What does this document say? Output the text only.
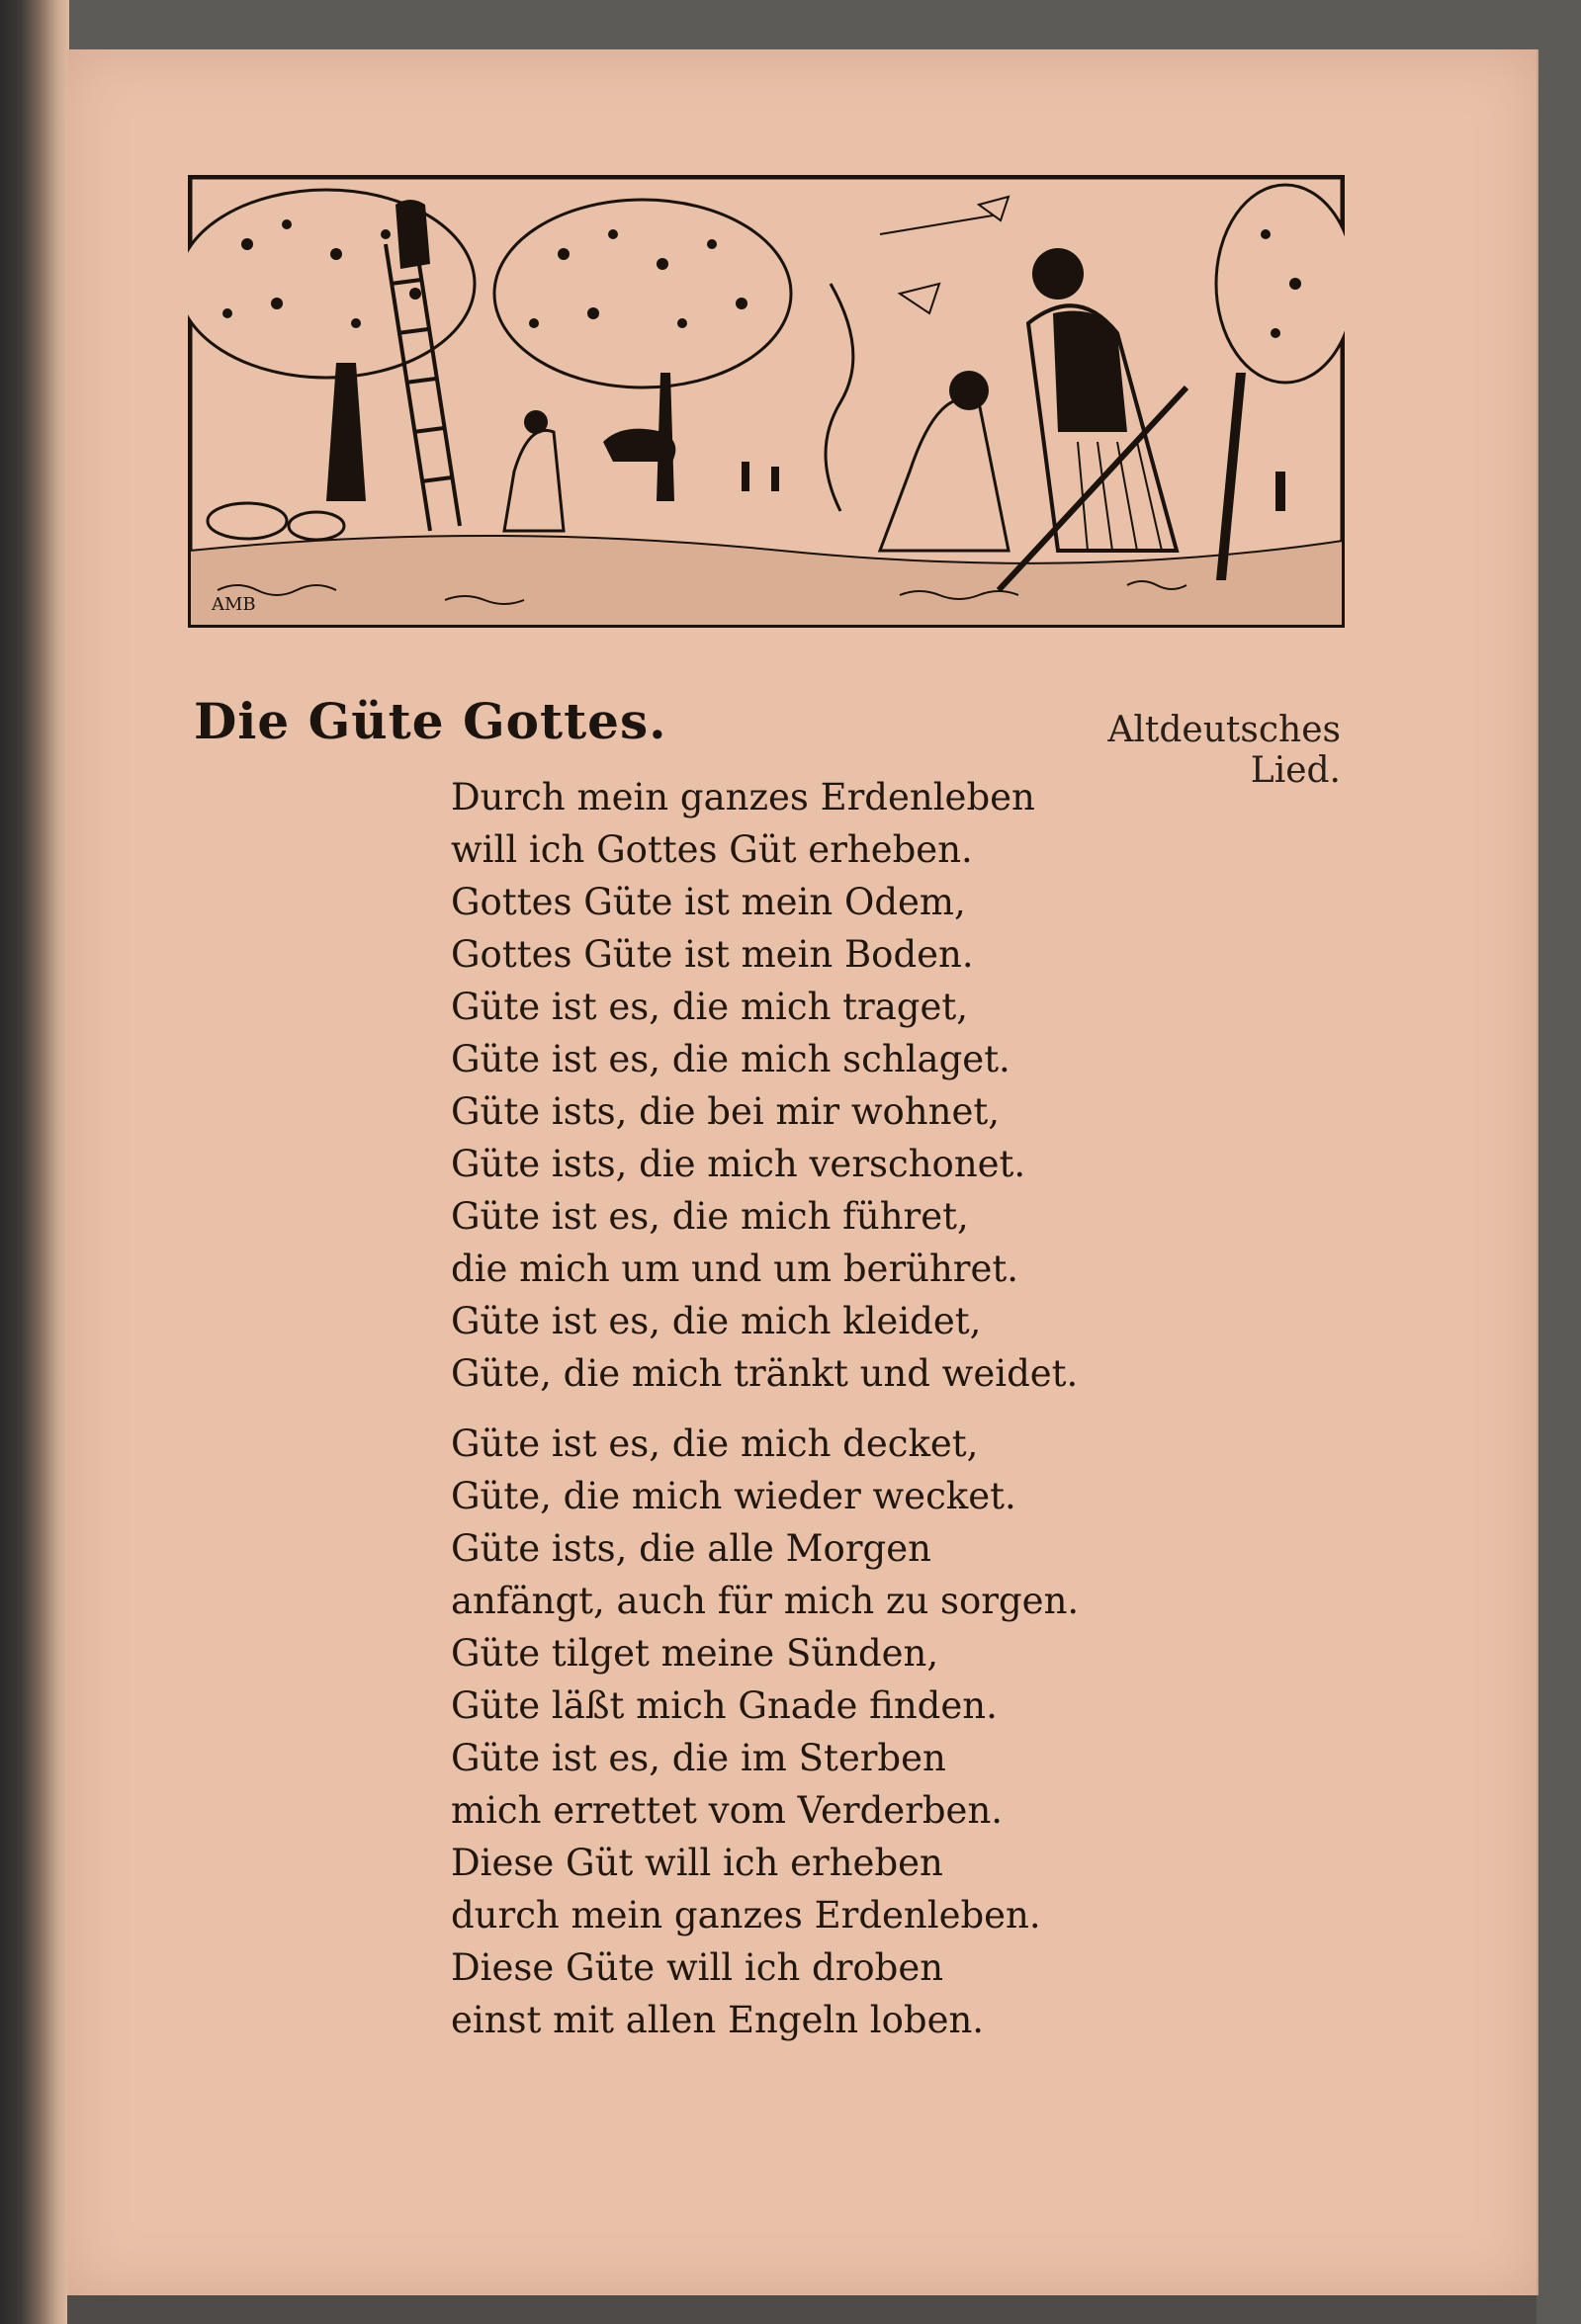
AMB
Die Güte Gottes.	Altdeutsches Lied.
Durch mein ganzes Erdenleben
will ich Gottes Güt erheben.
Gottes Güte ist mein Odem,
Gottes Güte ist mein Boden.
Güte ist es, die mich traget,
Güte ist es, die mich schlaget.
Güte ists, die bei mir wohnet,
Güte ists, die mich verschonet.
Güte ist es, die mich führet,
die mich um und um berühret.
Güte ist es, die mich kleidet,
Güte, die mich tränkt und weidet.
Güte ist es, die mich decket,
Güte, die mich wieder wecket.
Güte ists, die alle Morgen
anfängt, auch für mich zu sorgen.
Güte tilget meine Sünden,
Güte läßt mich Gnade finden.
Güte ist es, die im Sterben
mich errettet vom Verderben.
Diese Güt will ich erheben
durch mein ganzes Erdenleben.
Diese Güte will ich droben
einst mit allen Engeln loben.
